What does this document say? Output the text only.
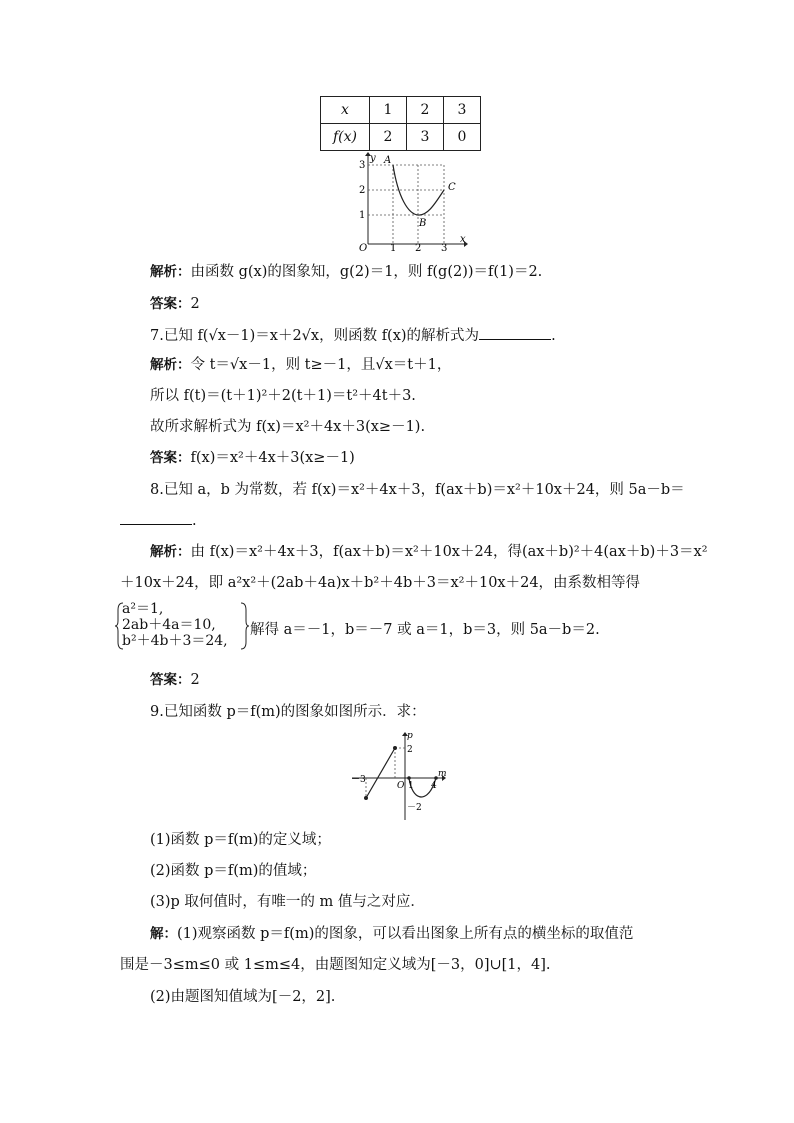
x	1	2	3
f(x)	2	3	0
y
x
O 1 2 3
1
2
3 A
B
C
解析：由函数 g(x)的图象知，g(2)＝1，则 f(g(2))＝f(1)＝2.
答案：2
7.已知 f(√x－1)＝x＋2√x，则函数 f(x)的解析式为	.
解析：令 t＝√x－1，则 t≥－1，且√x＝t＋1，
所以 f(t)＝(t＋1)²＋2(t＋1)＝t²＋4t＋3.
故所求解析式为 f(x)＝x²＋4x＋3(x≥－1).
答案：f(x)＝x²＋4x＋3(x≥－1)
8.已知 a，b 为常数，若 f(x)＝x²＋4x＋3，f(ax＋b)＝x²＋10x＋24，则 5a－b＝
.
解析：由 f(x)＝x²＋4x＋3，f(ax＋b)＝x²＋10x＋24，得(ax＋b)²＋4(ax＋b)＋3＝x²
＋10x＋24，即 a²x²＋(2ab＋4a)x＋b²＋4b＋3＝x²＋10x＋24，由系数相等得
a²＝1,
2ab＋4a＝10,
b²＋4b＋3＝24,
解得 a＝－1，b＝－7 或 a＝1，b＝3，则 5a－b＝2.
答案：2
9.已知函数 p＝f(m)的图象如图所示．求：
p
m
O
2
－3
1 4
－2
(1)函数 p＝f(m)的定义域；
(2)函数 p＝f(m)的值域；
(3)p 取何值时，有唯一的 m 值与之对应．
解：(1)观察函数 p＝f(m)的图象，可以看出图象上所有点的横坐标的取值范
围是－3≤m≤0 或 1≤m≤4，由题图知定义域为[－3，0]∪[1，4].
(2)由题图知值域为[－2，2].
